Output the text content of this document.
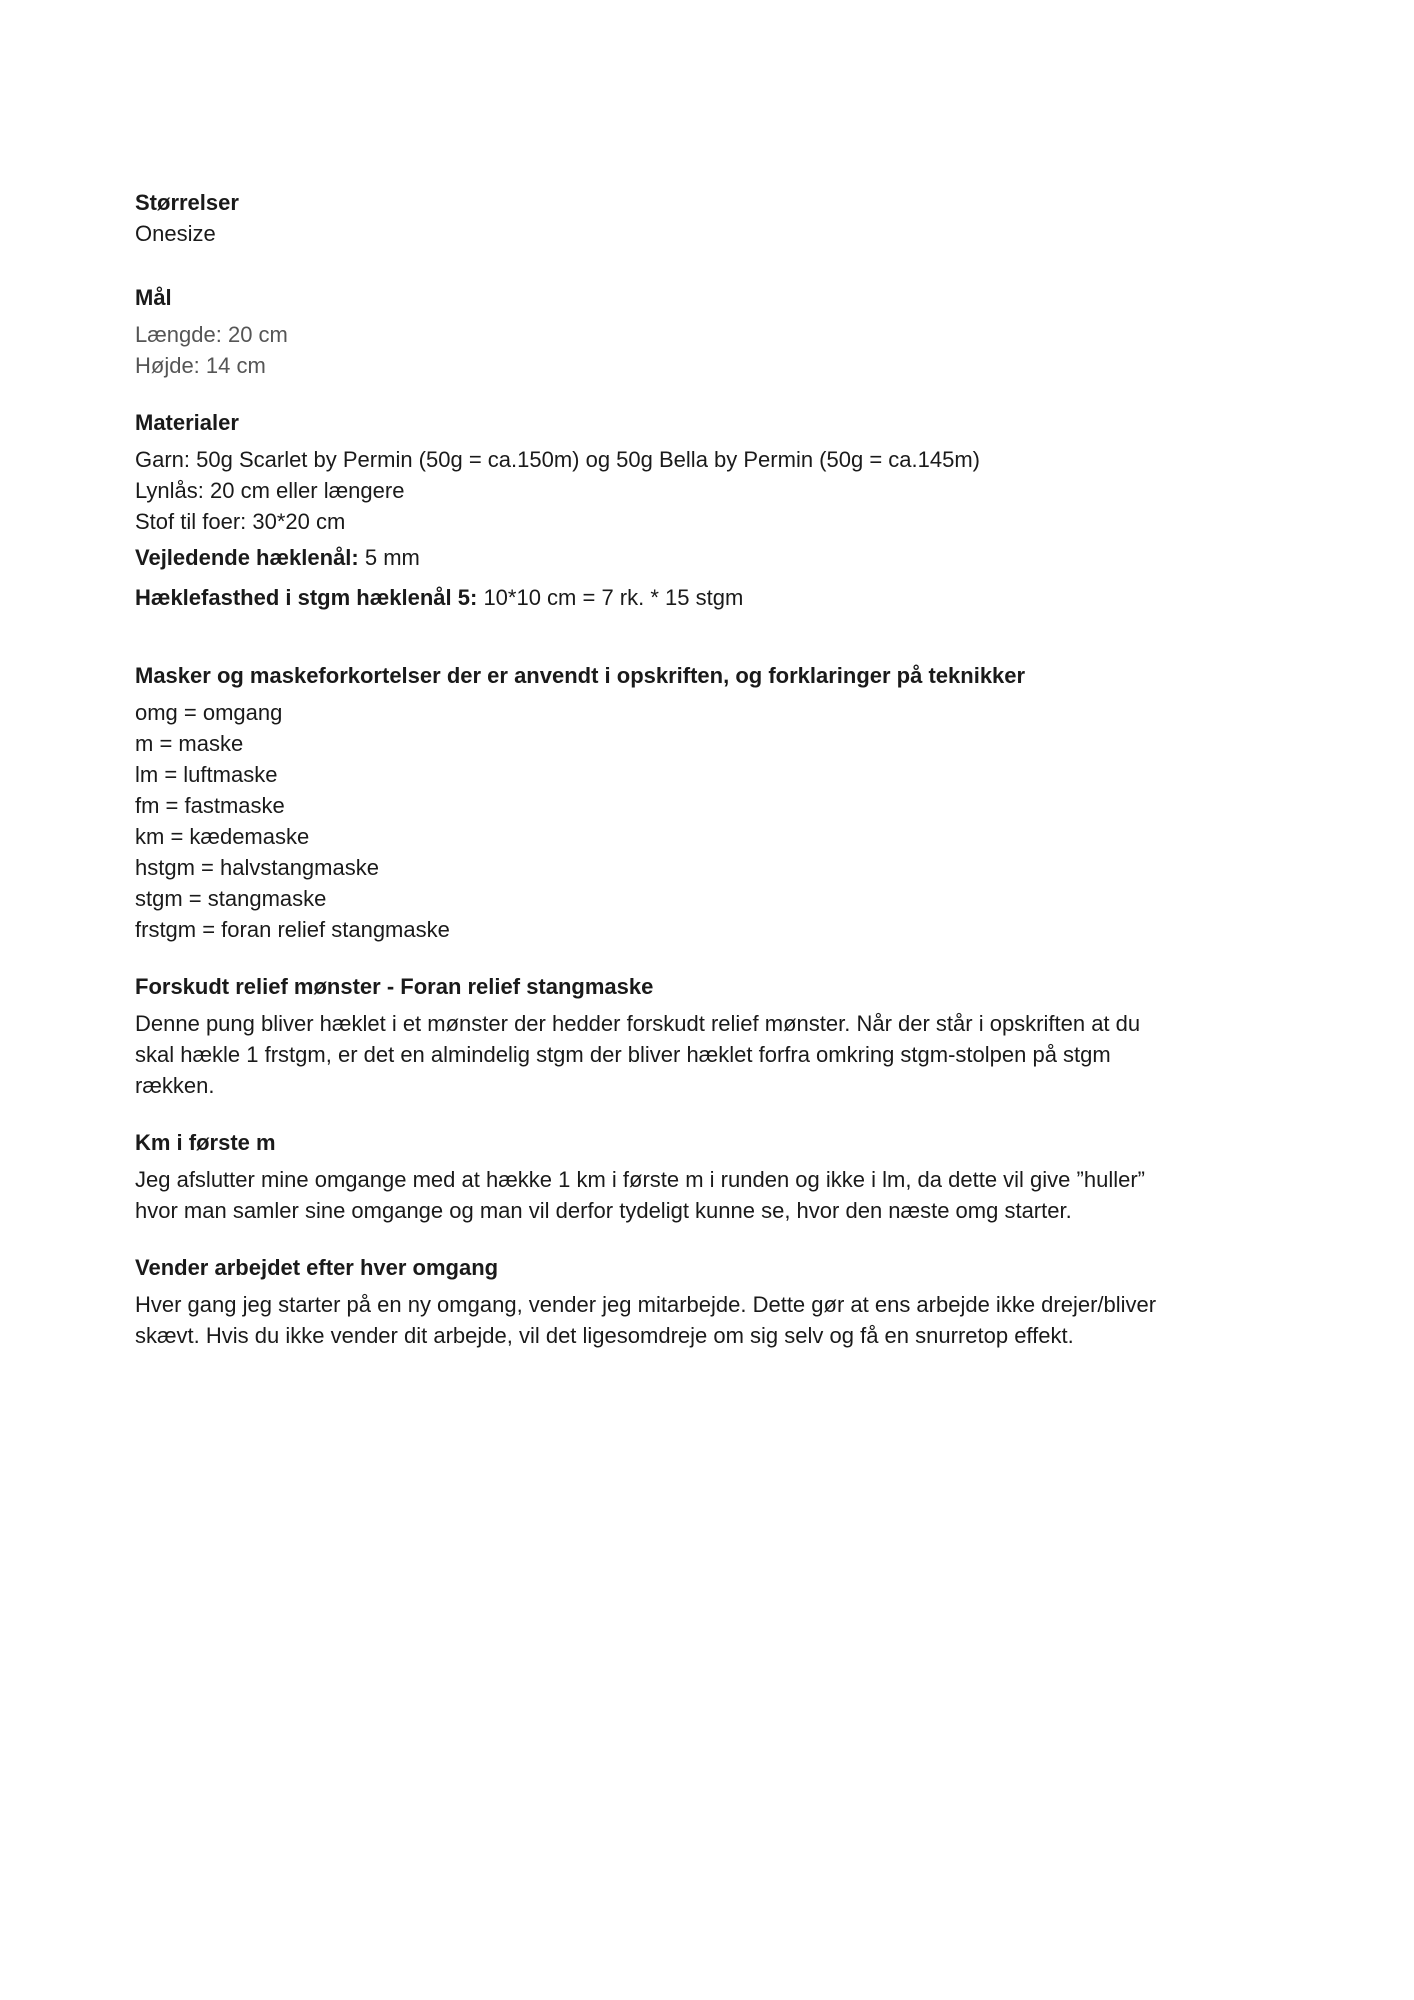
Størrelser

Onesize

Mål

Længde: 20 cm

Højde: 14 cm

Materialer

Garn: 50g Scarlet by Permin (50g = ca.150m) og 50g Bella by Permin (50g = ca.145m)

Lynlås: 20 cm eller længere

Stof til foer: 30*20 cm

Vejledende hæklenål: 5 mm

Hæklefasthed i stgm hæklenål 5: 10*10 cm = 7 rk. * 15 stgm

Masker og maskeforkortelser der er anvendt i opskriften, og forklaringer på teknikker

omg = omgang

m = maske

lm = luftmaske

fm = fastmaske

km = kædemaske

hstgm = halvstangmaske

stgm = stangmaske

frstgm = foran relief stangmaske

Forskudt relief mønster - Foran relief stangmaske

Denne pung bliver hæklet i et mønster der hedder forskudt relief mønster. Når der står i opskriften at du

skal hækle 1 frstgm, er det en almindelig stgm der bliver hæklet forfra omkring stgm-stolpen på stgm

rækken.

Km i første m

Jeg afslutter mine omgange med at hække 1 km i første m i runden og ikke i lm, da dette vil give ”huller”

hvor man samler sine omgange og man vil derfor tydeligt kunne se, hvor den næste omg starter.

Vender arbejdet efter hver omgang

Hver gang jeg starter på en ny omgang, vender jeg mitarbejde. Dette gør at ens arbejde ikke drejer/bliver

skævt. Hvis du ikke vender dit arbejde, vil det ligesomdreje om sig selv og få en snurretop effekt.
